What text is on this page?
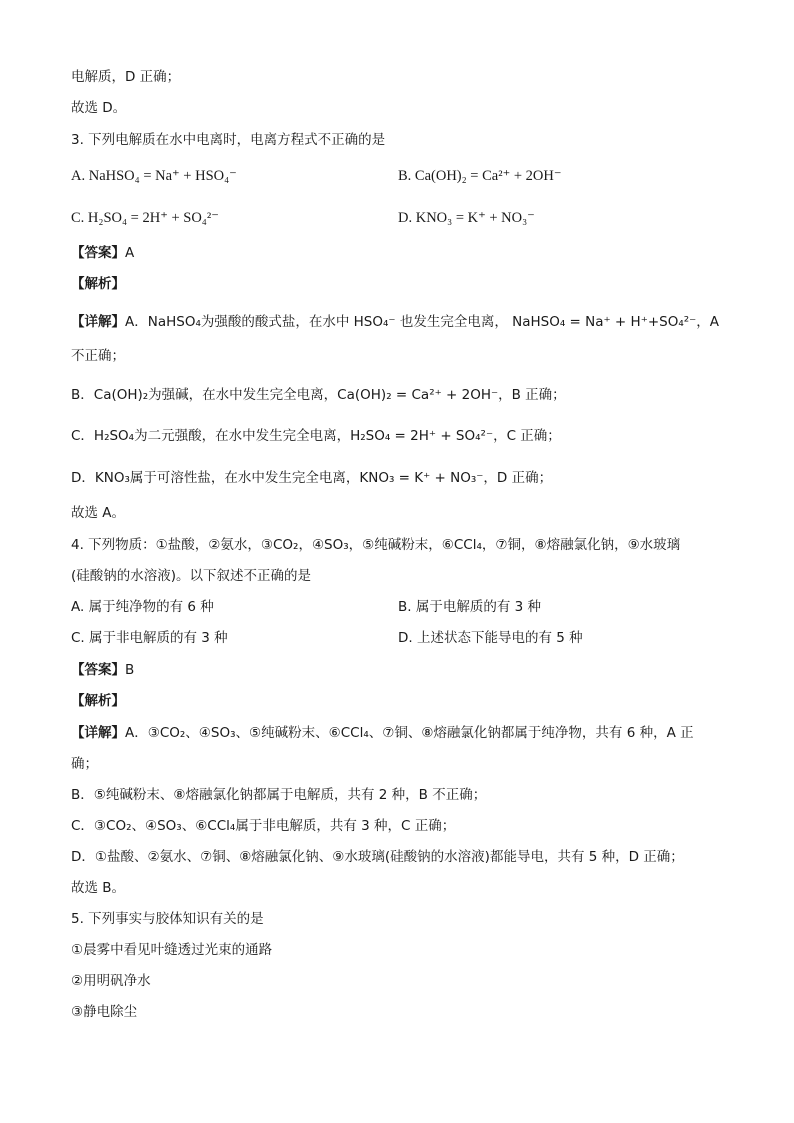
电解质，D 正确；
故选 D。
3. 下列电解质在水中电离时，电离方程式不正确的是
A. NaHSO₄ = Na⁺ + HSO₄⁻	B. Ca(OH)₂ = Ca²⁺ + 2OH⁻
C. H₂SO₄ = 2H⁺ + SO₄²⁻	D. KNO₃ = K⁺ + NO₃⁻
【答案】A
【解析】
【详解】A．NaHSO₄为强酸的酸式盐，在水中 HSO₄⁻ 也发生完全电离， NaHSO₄ = Na⁺ + H⁺+SO₄²⁻，A
不正确；
B．Ca(OH)₂为强碱，在水中发生完全电离，Ca(OH)₂ = Ca²⁺ + 2OH⁻，B 正确；
C．H₂SO₄为二元强酸，在水中发生完全电离，H₂SO₄ = 2H⁺ + SO₄²⁻，C 正确；
D．KNO₃属于可溶性盐，在水中发生完全电离，KNO₃ = K⁺ + NO₃⁻，D 正确；
故选 A。
4. 下列物质：①盐酸，②氨水，③CO₂，④SO₃，⑤纯碱粉末，⑥CCl₄，⑦铜，⑧熔融氯化钠，⑨水玻璃
(硅酸钠的水溶液)。以下叙述不正确的是
A. 属于纯净物的有 6 种	B. 属于电解质的有 3 种
C. 属于非电解质的有 3 种	D. 上述状态下能导电的有 5 种
【答案】B
【解析】
【详解】A．③CO₂、④SO₃、⑤纯碱粉末、⑥CCl₄、⑦铜、⑧熔融氯化钠都属于纯净物，共有 6 种，A 正
确；
B．⑤纯碱粉末、⑧熔融氯化钠都属于电解质，共有 2 种，B 不正确；
C．③CO₂、④SO₃、⑥CCl₄属于非电解质，共有 3 种，C 正确；
D．①盐酸、②氨水、⑦铜、⑧熔融氯化钠、⑨水玻璃(硅酸钠的水溶液)都能导电，共有 5 种，D 正确；
故选 B。
5. 下列事实与胶体知识有关的是
①晨雾中看见叶缝透过光束的通路
②用明矾净水
③静电除尘
